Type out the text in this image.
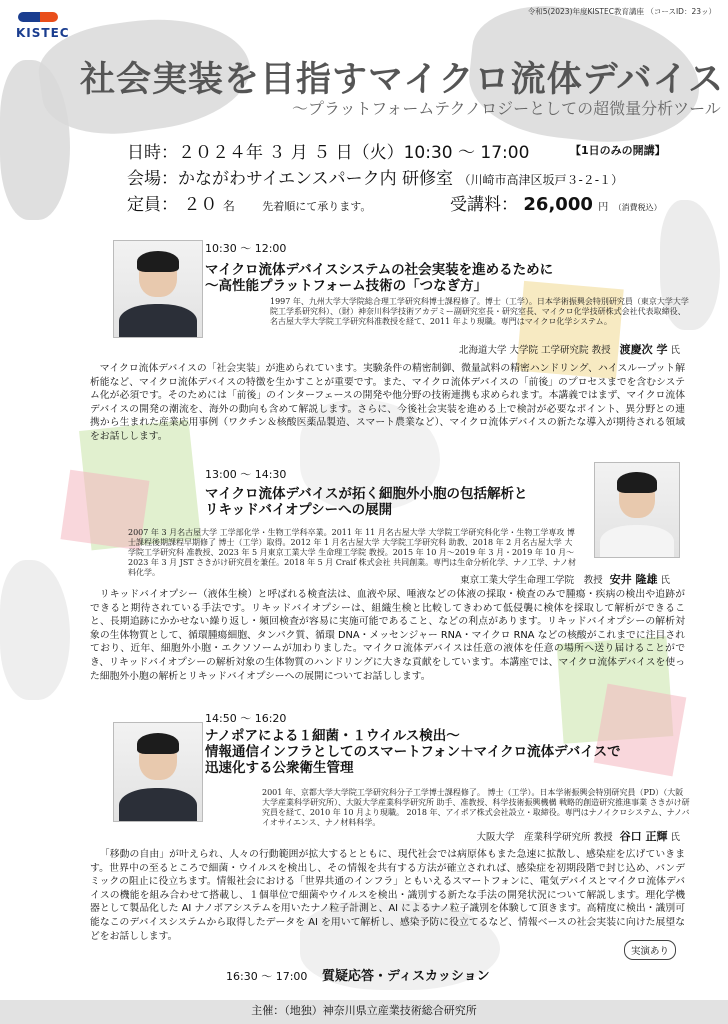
KISTEC
令和5(2023)年度KISTEC教育講座 （コースID：23ッ）
社会実装を目指すマイクロ流体デバイス
～プラットフォームテクノロジーとしての超微量分析ツール
日時：２０２４年 ３ 月 ５ 日（火）10:30 ～ 17:00	【1日のみの開講】
会場：かながわサイエンスパーク内 研修室 （川崎市高津区坂戸３-２-１）
定員： ２０ 名 先着順にて承ります。	受講料： 26,000 円 （消費税込）
10:30 ～ 12:00
マイクロ流体デバイスシステムの社会実装を進めるために
～高性能プラットフォーム技術の「つなぎ方」
1997 年、九州大学大学院総合理工学研究科博士課程修了。博士（工学）。日本学術振興会特別研究員（東京大学大学院工学系研究科）、（財）神奈川科学技術アカデミー副研究室長・研究室長、マイクロ化学技研株式会社代表取締役、名古屋大学大学院工学研究科准教授を経て、2011 年より現職。専門はマイクロ化学システム。
北海道大学 大学院 工学研究院 教授 渡慶次 学 氏
マイクロ流体デバイスの「社会実装」が進められています。実験条件の精密制御、微量試料の精密ハンドリング、ハイスループット解析能など、マイクロ流体デバイスの特徴を生かすことが重要です。また、マイクロ流体デバイスの「前後」のプロセスまでを含むシステム化が必須です。そのためには「前後」のインターフェースの開発や他分野の技術連携も求められます。本講義ではまず、マイクロ流体デバイスの開発の潮流を、海外の動向も含めて解説します。さらに、今後社会実装を進める上で検討が必要なポイント、異分野との連携から生まれた産業応用事例（ワクチン＆核酸医薬品製造、スマート農業など）、マイクロ流体デバイスの新たな導入が期待される領域をお話しします。
13:00 ～ 14:30
マイクロ流体デバイスが拓く細胞外小胞の包括解析と
リキッドバイオプシーへの展開
2007 年 3 月名古屋大学 工学部化学・生物工学科卒業。2011 年 11 月名古屋大学 大学院工学研究科化学・生物工学専攻 博士課程後期課程早期修了 博士（工学）取得。2012 年 1 月名古屋大学 大学院工学研究科 助教、2018 年 2 月名古屋大学 大学院工学研究科 准教授、2023 年 5 月東京工業大学 生命理工学院 教授。2015 年 10 月～2019 年 3 月・2019 年 10 月～2023 年 3 月 JST さきがけ研究員を兼任。2018 年 5 月 Craif 株式会社 共同創業。専門は生命分析化学、ナノ工学、ナノ材料化学。
東京工業大学生命理工学院　教授 安井 隆雄 氏
リキッドバイオプシー（液体生検）と呼ばれる検査法は、血液や尿、唾液などの体液の採取・検査のみで腫瘍・疾病の検出や追跡ができると期待されている手法です。リキッドバイオプシーは、組織生検と比較してきわめて低侵襲に検体を採取して解析ができること、長期追跡にかかせない繰り返し・頻回検査が容易に実施可能であること、などの利点があります。リキッドバイオプシーの解析対象の生体物質として、循環腫瘍細胞、タンパク質、循環 DNA・メッセンジャー RNA・マイクロ RNA などの核酸がこれまでに注目されており、近年、細胞外小胞・エクソソームが加わりました。マイクロ流体デバイスは任意の液体を任意の場所へ送り届けることができ、リキッドバイオプシーの解析対象の生体物質のハンドリングに大きな貢献をしています。本講座では、マイクロ流体デバイスを使った細胞外小胞の解析とリキッドバイオプシーへの展開についてお話しします。
14:50 ～ 16:20
ナノポアによる１細菌・１ウイルス検出～
情報通信インフラとしてのスマートフォン＋マイクロ流体デバイスで
迅速化する公衆衛生管理
2001 年、京都大学大学院工学研究科分子工学博士課程修了。 博士（工学）。日本学術振興会特別研究員（PD）（大阪大学産業科学研究所）、大阪大学産業科学研究所 助手、准教授、科学技術振興機構 戦略的創造研究推進事業 さきがけ研究員を経て、2010 年 10 月より現職。 2018 年、アイポア株式会社設立・取締役。専門はナノイクロシステム、ナノバイオサイエンス、ナノ材料科学。
大阪大学　産業科学研究所 教授 谷口 正輝 氏
「移動の自由」が叶えられ、人々の行動範囲が拡大するとともに、現代社会では病原体もまた急速に拡散し、感染症を広げていきます。世界中の至るところで細菌・ウイルスを検出し、その情報を共有する方法が確立されれば、感染症を初期段階で封じ込め、パンデミックの阻止に役立ちます。情報社会における「世界共通のインフラ」ともいえるスマートフォンに、電気デバイスとマイクロ流体デバイスの機能を組み合わせて搭載し、１個単位で細菌やウイルスを検出・識別する新たな手法の開発状況について解説します。理化学機器として製品化した AI ナノポアシステムを用いたナノ粒子計測と、AI によるナノ粒子識別を体験して頂きます。高精度に検出・識別可能なこのデバイスシステムから取得したデータを AI を用いて解析し、感染予防に役立てるなど、情報ベースの社会実装に向けた展望などをお話しします。
実演あり
16:30 ～ 17:00 質疑応答・ディスカッション
主催：（地独）神奈川県立産業技術総合研究所
